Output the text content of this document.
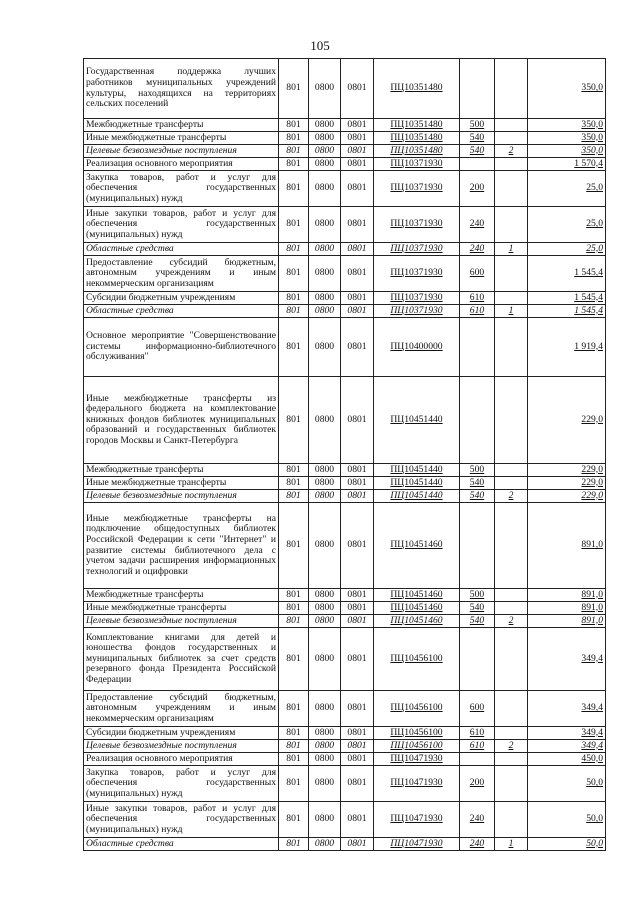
105
Государственная поддержка лучших работников муниципальных учреждений культуры, находящихся на территориях сельских поселений	801	0800	0801	ПЦ10351480			350,0
Межбюджетные трансферты	801	0800	0801	ПЦ10351480	500		350,0
Иные межбюджетные трансферты	801	0800	0801	ПЦ10351480	540		350,0
Целевые безвозмездные поступления	801	0800	0801	ПЦ10351480	540	2	350,0
Реализация основного мероприятия	801	0800	0801	ПЦ10371930			1 570,4
Закупка товаров, работ и услуг для обеспечения государственных (муниципальных) нужд	801	0800	0801	ПЦ10371930	200		25,0
Иные закупки товаров, работ и услуг для обеспечения государственных (муниципальных) нужд	801	0800	0801	ПЦ10371930	240		25,0
Областные средства	801	0800	0801	ПЦ10371930	240	1	25,0
Предоставление субсидий бюджетным, автономным учреждениям и иным некоммерческим организациям	801	0800	0801	ПЦ10371930	600		1 545,4
Субсидии бюджетным учреждениям	801	0800	0801	ПЦ10371930	610		1 545,4
Областные средства	801	0800	0801	ПЦ10371930	610	1	1 545,4
Основное мероприятие "Совершенствование системы информационно-библиотечного обслуживания"	801	0800	0801	ПЦ10400000			1 919,4
Иные межбюджетные трансферты из федерального бюджета на комплектование книжных фондов библиотек муниципальных образований и государственных библиотек городов Москвы и Санкт-Петербурга	801	0800	0801	ПЦ10451440			229,0
Межбюджетные трансферты	801	0800	0801	ПЦ10451440	500		229,0
Иные межбюджетные трансферты	801	0800	0801	ПЦ10451440	540		229,0
Целевые безвозмездные поступления	801	0800	0801	ПЦ10451440	540	2	229,0
Иные межбюджетные трансферты на подключение общедоступных библиотек Российской Федерации к сети "Интернет" и развитие системы библиотечного дела с учетом задачи расширения информационных технологий и оцифровки	801	0800	0801	ПЦ10451460			891,0
Межбюджетные трансферты	801	0800	0801	ПЦ10451460	500		891,0
Иные межбюджетные трансферты	801	0800	0801	ПЦ10451460	540		891,0
Целевые безвозмездные поступления	801	0800	0801	ПЦ10451460	540	2	891,0
Комплектование книгами для детей и юношества фондов государственных и муниципальных библиотек за счет средств резервного фонда Президента Российской Федерации	801	0800	0801	ПЦ10456100			349,4
Предоставление субсидий бюджетным, автономным учреждениям и иным некоммерческим организациям	801	0800	0801	ПЦ10456100	600		349,4
Субсидии бюджетным учреждениям	801	0800	0801	ПЦ10456100	610		349,4
Целевые безвозмездные поступления	801	0800	0801	ПЦ10456100	610	2	349,4
Реализация основного мероприятия	801	0800	0801	ПЦ10471930			450,0
Закупка товаров, работ и услуг для обеспечения государственных (муниципальных) нужд	801	0800	0801	ПЦ10471930	200		50,0
Иные закупки товаров, работ и услуг для обеспечения государственных (муниципальных) нужд	801	0800	0801	ПЦ10471930	240		50,0
Областные средства	801	0800	0801	ПЦ10471930	240	1	50,0
